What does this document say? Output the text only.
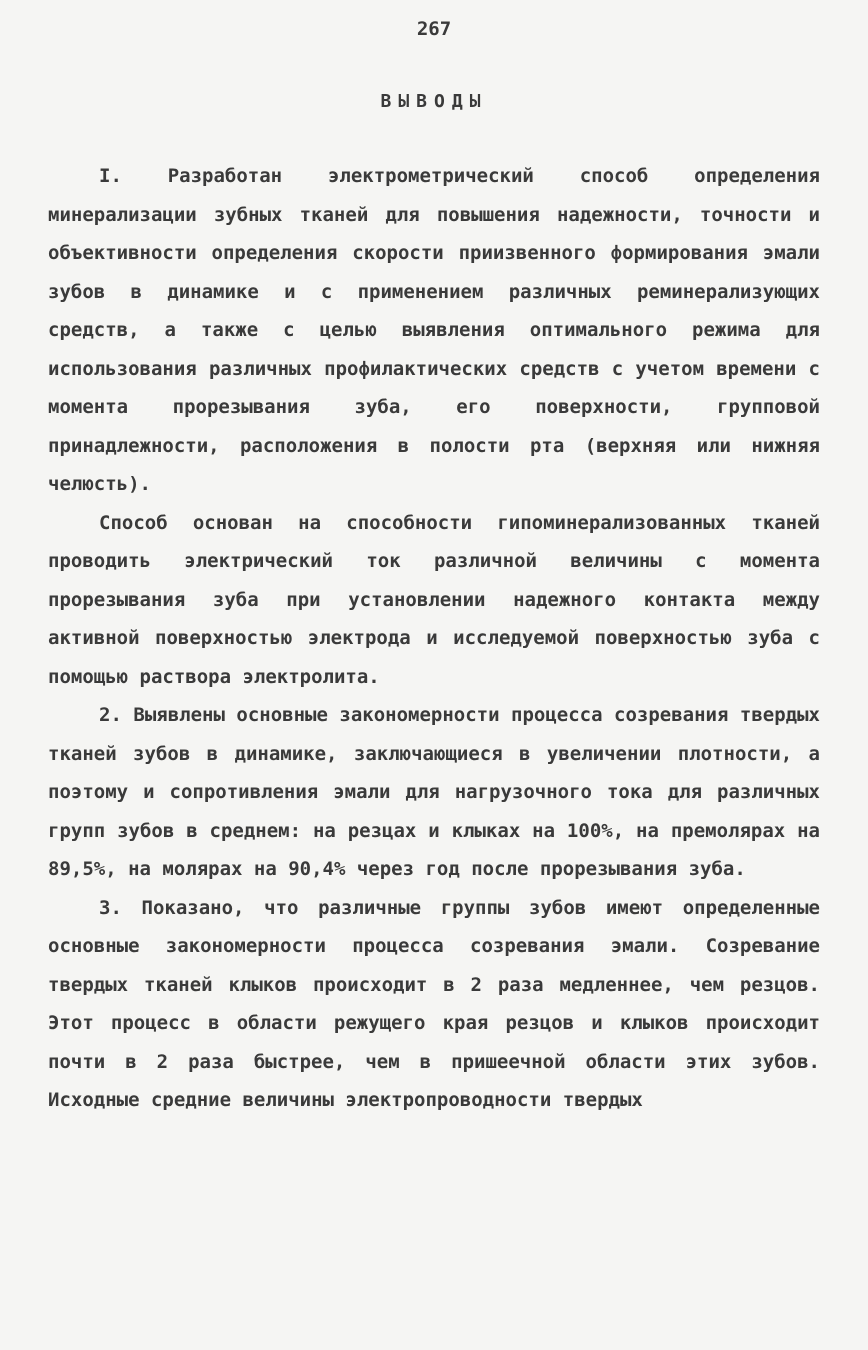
267
ВЫВОДЫ

I. Разработан электрометрический способ определения минерализации зубных тканей для повышения надежности, точности и объективности определения скорости приизвенного формирования эмали зубов в динамике и с применением различных реминерализующих средств, а также с целью выявления оптимального режима для использования различных профилактических средств с учетом времени с момента прорезывания зуба, его поверхности, групповой принадлежности, расположения в полости рта (верхняя или нижняя челюсть).

Способ основан на способности гипоминерализованных тканей проводить электрический ток различной величины с момента прорезывания зуба при установлении надежного контакта между активной поверхностью электрода и исследуемой поверхностью зуба с помощью раствора электролита.

2. Выявлены основные закономерности процесса созревания твердых тканей зубов в динамике, заключающиеся в увеличении плотности, а поэтому и сопротивления эмали для нагрузочного тока для различных групп зубов в среднем: на резцах и клыках на 100%, на премолярах на 89,5%, на молярах на 90,4% через год после прорезывания зуба.

3. Показано, что различные группы зубов имеют определенные основные закономерности процесса созревания эмали. Созревание твердых тканей клыков происходит в 2 раза медленнее, чем резцов. Этот процесс в области режущего края резцов и клыков происходит почти в 2 раза быстрее, чем в пришеечной области этих зубов. Исходные средние величины электропроводности твердых
